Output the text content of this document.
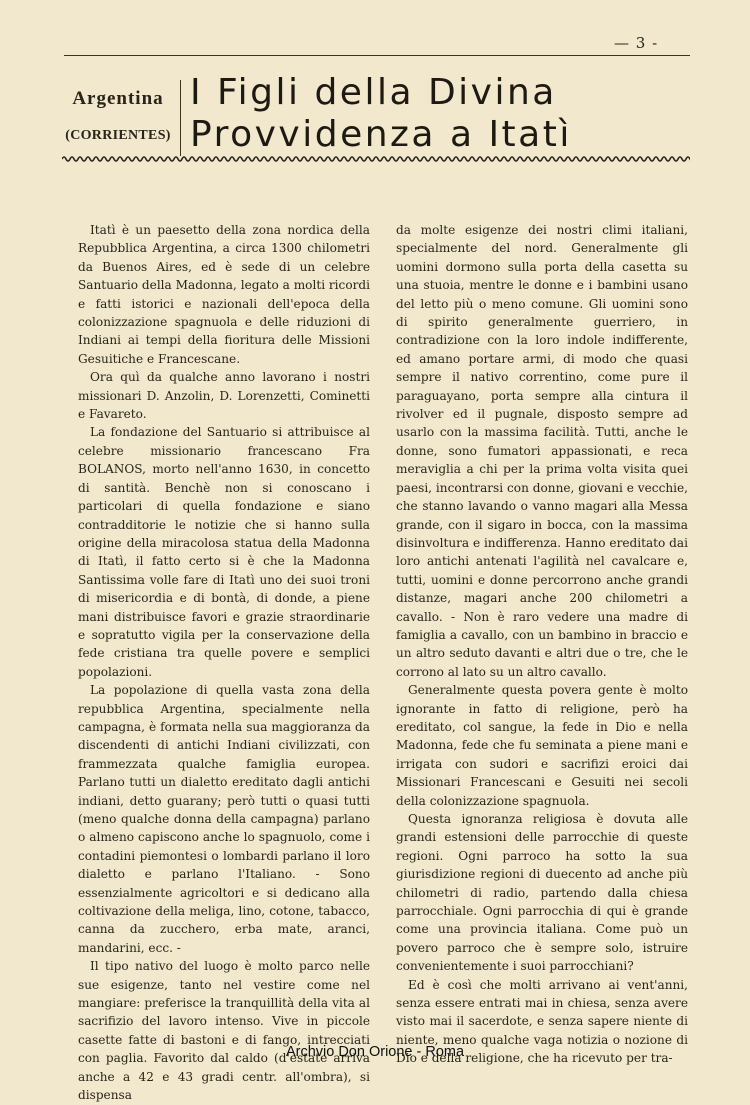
— 3 -
Argentina
(CORRIENTES)
I Figli della Divina
Provvidenza a Itatì

Itatì è un paesetto della zona nordica della Repubblica Argentina, a circa 1300 chilometri da Buenos Aires, ed è sede di un celebre Santuario della Madonna, legato a molti ricordi e fatti istorici e nazionali dell'epoca della colonizzazione spagnuola e delle riduzioni di Indiani ai tempi della fioritura delle Missioni Gesuitiche e Francescane.

Ora quì da qualche anno lavorano i nostri missionari D. Anzolin, D. Lorenzetti, Cominetti e Favareto.

La fondazione del Santuario si attribuisce al celebre missionario francescano Fra BOLANOS, morto nell'anno 1630, in concetto di santità. Benchè non si conoscano i particolari di quella fondazione e siano contradditorie le notizie che si hanno sulla origine della miracolosa statua della Madonna di Itatì, il fatto certo si è che la Madonna Santissima volle fare di Itatì uno dei suoi troni di misericordia e di bontà, di donde, a piene mani distribuisce favori e grazie straordinarie e sopratutto vigila per la conservazione della fede cristiana tra quelle povere e semplici popolazioni.

La popolazione di quella vasta zona della repubblica Argentina, specialmente nella campagna, è formata nella sua maggioranza da discendenti di antichi Indiani civilizzati, con frammezzata qualche famiglia europea. Parlano tutti un dialetto ereditato dagli antichi indiani, detto guarany; però tutti o quasi tutti (meno qualche donna della campagna) parlano o almeno capiscono anche lo spagnuolo, come i contadini piemontesi o lombardi parlano il loro dialetto e parlano l'Italiano. - Sono essenzialmente agricoltori e si dedicano alla coltivazione della meliga, lino, cotone, tabacco, canna da zucchero, erba mate, aranci, mandarini, ecc. -

Il tipo nativo del luogo è molto parco nelle sue esigenze, tanto nel vestire come nel mangiare: preferisce la tranquillità della vita al sacrifizio del lavoro intenso. Vive in piccole casette fatte di bastoni e di fango, intrecciati con paglia. Favorito dal caldo (d'estate arriva anche a 42 e 43 gradi centr. all'ombra), si dispensa

da molte esigenze dei nostri climi italiani, specialmente del nord. Generalmente gli uomini dormono sulla porta della casetta su una stuoia, mentre le donne e i bambini usano del letto più o meno comune. Gli uomini sono di spirito generalmente guerriero, in contradizione con la loro indole indifferente, ed amano portare armi, di modo che quasi sempre il nativo correntino, come pure il paraguayano, porta sempre alla cintura il rivolver ed il pugnale, disposto sempre ad usarlo con la massima facilità. Tutti, anche le donne, sono fumatori appassionati, e reca meraviglia a chi per la prima volta visita quei paesi, incontrarsi con donne, giovani e vecchie, che stanno lavando o vanno magari alla Messa grande, con il sigaro in bocca, con la massima disinvoltura e indifferenza. Hanno ereditato dai loro antichi antenati l'agilità nel cavalcare e, tutti, uomini e donne percorrono anche grandi distanze, magari anche 200 chilometri a cavallo. - Non è raro vedere una madre di famiglia a cavallo, con un bambino in braccio e un altro seduto davanti e altri due o tre, che le corrono al lato su un altro cavallo.

Generalmente questa povera gente è molto ignorante in fatto di religione, però ha ereditato, col sangue, la fede in Dio e nella Madonna, fede che fu seminata a piene mani e irrigata con sudori e sacrifizi eroici dai Missionari Francescani e Gesuiti nei secoli della colonizzazione spagnuola.

Questa ignoranza religiosa è dovuta alle grandi estensioni delle parrocchie di queste regioni. Ogni parroco ha sotto la sua giurisdizione regioni di duecento ad anche più chilometri di radio, partendo dalla chiesa parrocchiale. Ogni parrocchia di qui è grande come una provincia italiana. Come può un povero parroco che è sempre solo, istruire convenientemente i suoi parrocchiani?

Ed è così che molti arrivano ai vent'anni, senza essere entrati mai in chiesa, senza avere visto mai il sacerdote, e senza sapere niente di niente, meno qualche vaga notizia o nozione di Dio e della religione, che ha ricevuto per tra-

Archvio Don Orione - Roma
